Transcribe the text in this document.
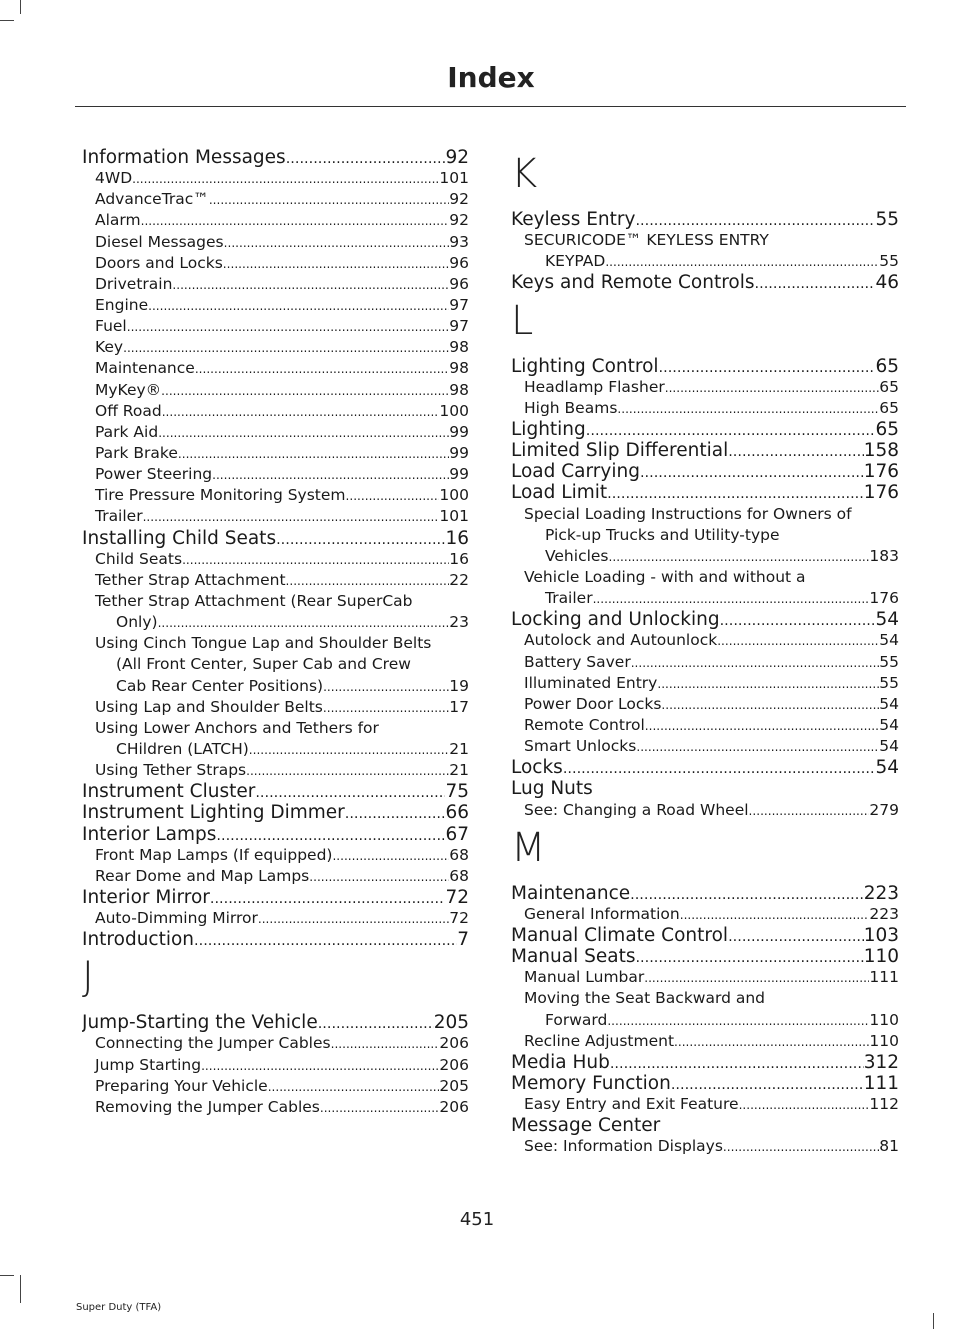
Index
Information Messages .....	92
4WD .....	101
AdvanceTrac™ .....	92
Alarm .....	92
Diesel Messages .....	93
Doors and Locks .....	96
Drivetrain .....	96
Engine .....	97
Fuel .....	97
Key .....	98
Maintenance .....	98
MyKey® .....	98
Off Road .....	100
Park Aid .....	99
Park Brake .....	99
Power Steering .....	99
Tire Pressure Monitoring System .....	100
Trailer .....	101
Installing Child Seats .....	16
Child Seats .....	16
Tether Strap Attachment .....	22
Tether Strap Attachment (Rear SuperCab
Only) .....	23
Using Cinch Tongue Lap and Shoulder Belts
(All Front Center, Super Cab and Crew
Cab Rear Center Positions) .....	19
Using Lap and Shoulder Belts .....	17
Using Lower Anchors and Tethers for
CHildren (LATCH) .....	21
Using Tether Straps .....	21
Instrument Cluster .....	75
Instrument Lighting Dimmer .....	66
Interior Lamps .....	67
Front Map Lamps (If equipped) .....	68
Rear Dome and Map Lamps .....	68
Interior Mirror .....	72
Auto-Dimming Mirror .....	72
Introduction .....	7
J
Jump-Starting the Vehicle .....	205
Connecting the Jumper Cables .....	206
Jump Starting .....	206
Preparing Your Vehicle .....	205
Removing the Jumper Cables .....	206
K
Keyless Entry .....	55
SECURICODE™ KEYLESS ENTRY
KEYPAD .....	55
Keys and Remote Controls .....	46
L
Lighting Control .....	65
Headlamp Flasher .....	65
High Beams .....	65
Lighting .....	65
Limited Slip Differential .....	158
Load Carrying .....	176
Load Limit .....	176
Special Loading Instructions for Owners of
Pick-up Trucks and Utility-type
Vehicles .....	183
Vehicle Loading - with and without a
Trailer .....	176
Locking and Unlocking .....	54
Autolock and Autounlock .....	54
Battery Saver .....	55
Illuminated Entry .....	55
Power Door Locks .....	54
Remote Control .....	54
Smart Unlocks .....	54
Locks .....	54
Lug Nuts
See: Changing a Road Wheel .....	279
M
Maintenance .....	223
General Information .....	223
Manual Climate Control .....	103
Manual Seats .....	110
Manual Lumbar .....	111
Moving the Seat Backward and
Forward .....	110
Recline Adjustment .....	110
Media Hub .....	312
Memory Function .....	111
Easy Entry and Exit Feature .....	112
Message Center
See: Information Displays .....	81
451
Super Duty (TFA)
